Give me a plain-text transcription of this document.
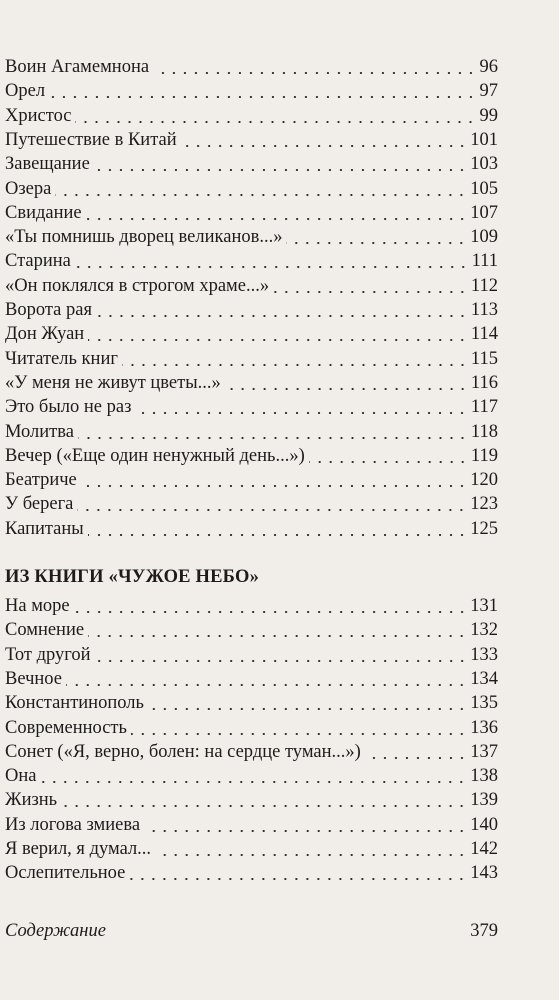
Воин Агамемнона	96
Орел	97
Христос	99
Путешествие в Китай	101
Завещание	103
Озера	105
Свидание	107
«Ты помнишь дворец великанов...»	109
Старина	111
«Он поклялся в строгом храме...»	112
Ворота рая	113
Дон Жуан	114
Читатель книг	115
«У меня не живут цветы...»	116
Это было не раз	117
Молитва	118
Вечер («Еще один ненужный день...»)	119
Беатриче	120
У берега	123
Капитаны	125
На море	131
Сомнение	132
Тот другой	133
Вечное	134
Константинополь	135
Современность	136
Сонет («Я, верно, болен: на сердце туман...»)	137
Она	138
Жизнь	139
Из логова змиева	140
Я верил, я думал...	142
Ослепительное	143
ИЗ КНИГИ «ЧУЖОЕ НЕБО»
Содержание	379
